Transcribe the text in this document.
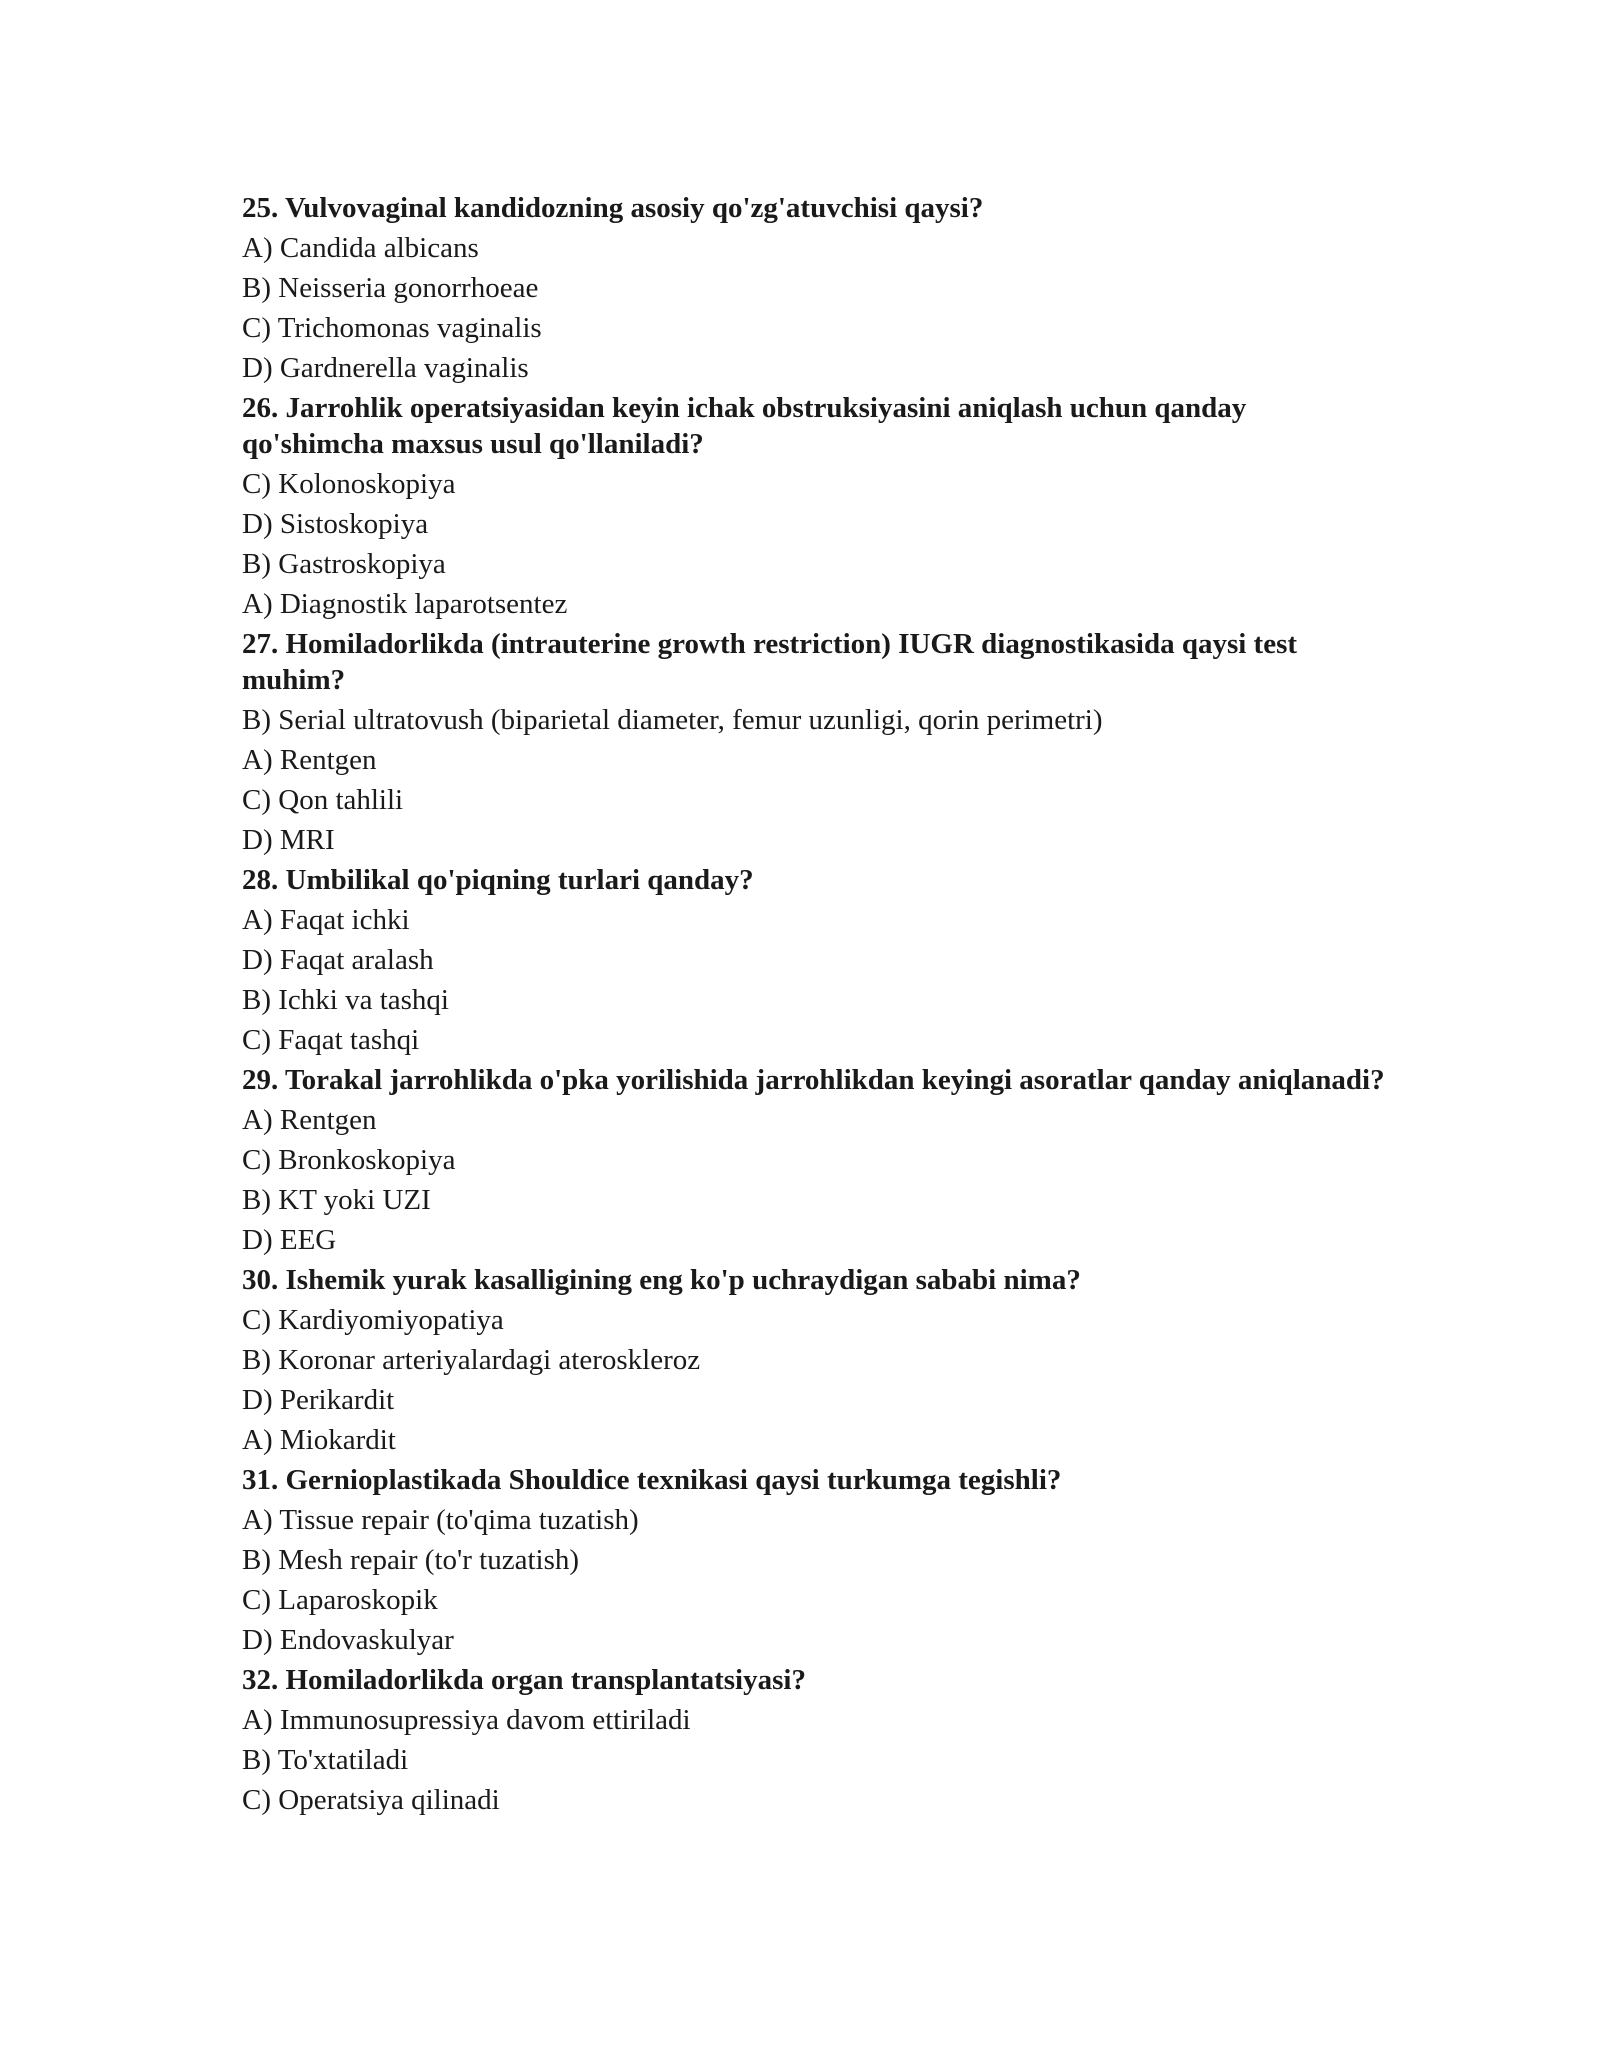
25. Vulvovaginal kandidozning asosiy qo'zg'atuvchisi qaysi?
A) Candida albicans
B) Neisseria gonorrhoeae
C) Trichomonas vaginalis
D) Gardnerella vaginalis
26. Jarrohlik operatsiyasidan keyin ichak obstruksiyasini aniqlash uchun qanday qo'shimcha maxsus usul qo'llaniladi?
C) Kolonoskopiya
D) Sistoskopiya
B) Gastroskopiya
A) Diagnostik laparotsentez
27. Homiladorlikda (intrauterine growth restriction) IUGR diagnostikasida qaysi test muhim?
B) Serial ultratovush (biparietal diameter, femur uzunligi, qorin perimetri)
A) Rentgen
C) Qon tahlili
D) MRI
28. Umbilikal qo'piqning turlari qanday?
A) Faqat ichki
D) Faqat aralash
B) Ichki va tashqi
C) Faqat tashqi
29. Torakal jarrohlikda o'pka yorilishida jarrohlikdan keyingi asoratlar qanday aniqlanadi?
A) Rentgen
C) Bronkoskopiya
B) KT yoki UZI
D) EEG
30. Ishemik yurak kasalligining eng ko'p uchraydigan sababi nima?
C) Kardiyomiyopatiya
B) Koronar arteriyalardagi ateroskleroz
D) Perikardit
A) Miokardit
31. Gernioplastikada Shouldice texnikasi qaysi turkumga tegishli?
A) Tissue repair (to'qima tuzatish)
B) Mesh repair (to'r tuzatish)
C) Laparoskopik
D) Endovaskulyar
32. Homiladorlikda organ transplantatsiyasi?
A) Immunosupressiya davom ettiriladi
B) To'xtatiladi
C) Operatsiya qilinadi
